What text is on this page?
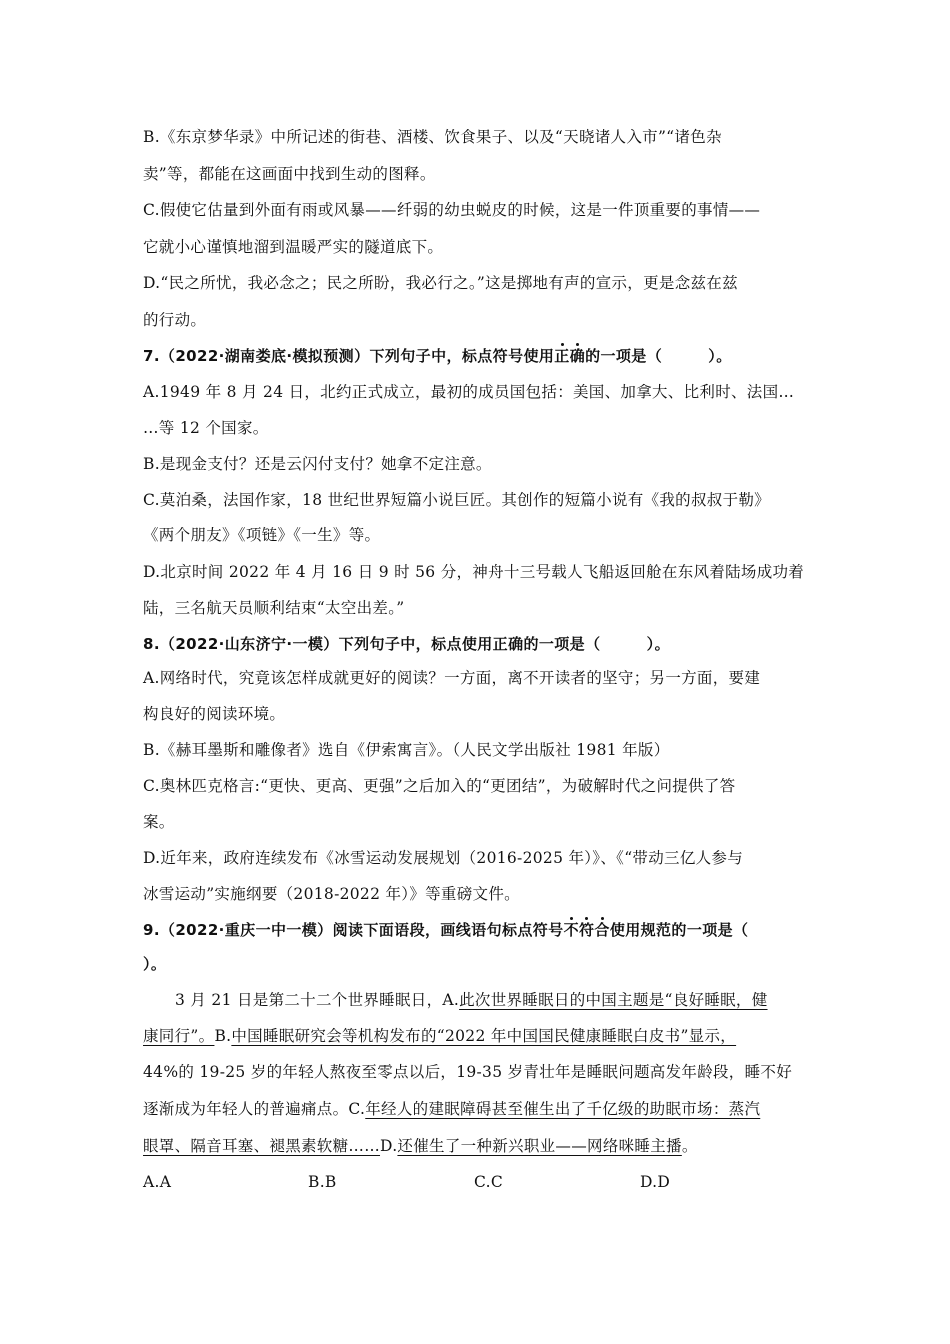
B.《东京梦华录》中所记述的街巷、酒楼、饮食果子、以及“天晓诸人入市”“诸色杂
卖”等，都能在这画面中找到生动的图释。
C.假使它估量到外面有雨或风暴——纤弱的幼虫蜕皮的时候，这是一件顶重要的事情——
它就小心谨慎地溜到温暖严实的隧道底下。
D.“民之所忧，我必念之；民之所盼，我必行之。”这是掷地有声的宣示，更是念兹在兹
的行动。
7.（2022·湖南娄底·模拟预测）下列句子中，标点符号使用正确的一项是（　　　）。
A.1949 年 8 月 24 日，北约正式成立，最初的成员国包括：美国、加拿大、比利时、法国…
…等 12 个国家。
B.是现金支付？还是云闪付支付？她拿不定注意。
C.莫泊桑，法国作家，18 世纪世界短篇小说巨匠。其创作的短篇小说有《我的叔叔于勒》
《两个朋友》《项链》《一生》等。
D.北京时间 2022 年 4 月 16 日 9 时 56 分，神舟十三号载人飞船返回舱在东风着陆场成功着
陆，三名航天员顺利结束“太空出差。”
8.（2022·山东济宁·一模）下列句子中，标点使用正确的一项是（　　　）。
A.网络时代，究竟该怎样成就更好的阅读？一方面，离不开读者的坚守；另一方面，要建
构良好的阅读环境。
B.《赫耳墨斯和雕像者》选自《伊索寓言》。（人民文学出版社 1981 年版）
C.奥林匹克格言:“更快、更高、更强”之后加入的“更团结”，为破解时代之问提供了答
案。
D.近年来，政府连续发布《冰雪运动发展规划（2016-2025 年）》、《“带动三亿人参与
冰雪运动”实施纲要（2018-2022 年）》等重磅文件。
9.（2022·重庆一中一模）阅读下面语段，画线语句标点符号不符合使用规范的一项是（
）。
3 月 21 日是第二十二个世界睡眠日，A.此次世界睡眠日的中国主题是“良好睡眠，健
康同行”。B.中国睡眠研究会等机构发布的“2022 年中国国民健康睡眠白皮书”显示，
44%的 19-25 岁的年轻人熬夜至零点以后，19-35 岁青壮年是睡眠问题高发年龄段，睡不好
逐渐成为年轻人的普遍痛点。C.年经人的建眠障碍甚至催生出了千亿级的助眠市场：蒸汽
眼罩、隔音耳塞、褪黑素软糖……D.还催生了一种新兴职业——网络咪睡主播。
A.A	B.B	C.C	D.D
